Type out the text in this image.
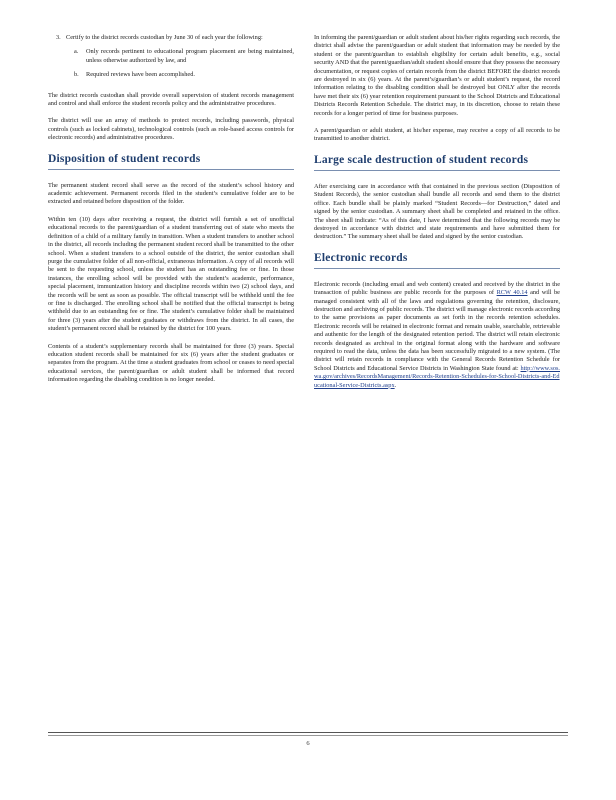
3. Certify to the district records custodian by June 30 of each year the following:

a.	Only records pertinent to educational program placement are being maintained, unless otherwise authorized by law, and

b.	Required reviews have been accomplished.

The district records custodian shall provide overall supervision of student records management and control and shall enforce the student records policy and the administrative procedures.

The district will use an array of methods to protect records, including passwords, physical controls (such as locked cabinets), technological controls (such as role-based access controls for electronic records) and administrative procedures.

Disposition of student records

The permanent student record shall serve as the record of the student’s school history and academic achievement. Permanent records filed in the student’s cumulative folder are to be extracted and retained before disposition of the folder.

Within ten (10) days after receiving a request, the district will furnish a set of unofficial educational records to the parent/guardian of a student transferring out of state who meets the definition of a child of a military family in transition. When a student transfers to another school in the district, all records including the permanent student record shall be transmitted to the other school. When a student transfers to a school outside of the district, the senior custodian shall purge the cumulative folder of all non-official, extraneous information. A copy of all records will be sent to the requesting school, unless the student has an outstanding fee or fine. In those instances, the enrolling school will be provided with the student’s academic, performance, special placement, immunization history and discipline records within two (2) school days, and the records will be sent as soon as possible. The official transcript will be withheld until the fee or fine is discharged. The enrolling school shall be notified that the official transcript is being withheld due to an outstanding fee or fine. The student’s cumulative folder shall be maintained for three (3) years after the student graduates or withdraws from the district. In all cases, the student’s permanent record shall be retained by the district for 100 years.

Contents of a student’s supplementary records shall be maintained for three (3) years. Special education student records shall be maintained for six (6) years after the student graduates or separates from the program. At the time a student graduates from school or ceases to need special educational services, the parent/guardian or adult student shall be informed that record information regarding the disabling condition is no longer needed.

In informing the parent/guardian or adult student about his/her rights regarding such records, the district shall advise the parent/guardian or adult student that information may be needed by the student or the parent/guardian to establish eligibility for certain adult benefits, e.g., social security AND that the parent/guardian/adult student should ensure that they possess the necessary documentation, or request copies of certain records from the district BEFORE the district records are destroyed in six (6) years. At the parent’s/guardian’s or adult student’s request, the record information relating to the disabling condition shall be destroyed but ONLY after the records have met their six (6) year retention requirement pursuant to the School Districts and Educational Districts Records Retention Schedule. The district may, in its discretion, choose to retain these records for a longer period of time for business purposes.

A parent/guardian or adult student, at his/her expense, may receive a copy of all records to be transmitted to another district.

Large scale destruction of student records

After exercising care in accordance with that contained in the previous section (Disposition of Student Records), the senior custodian shall bundle all records and send them to the district office. Each bundle shall be plainly marked “Student Records—for Destruction,” dated and signed by the senior custodian. A summary sheet shall be completed and retained in the office. The sheet shall indicate: “As of this date, I have determined that the following records may be destroyed in accordance with district and state requirements and have submitted them for destruction.” The summary sheet shall be dated and signed by the senior custodian.

Electronic records

Electronic records (including email and web content) created and received by the district in the transaction of public business are public records for the purposes of RCW 40.14 and will be managed consistent with all of the laws and regulations governing the retention, disclosure, destruction and archiving of public records. The district will manage electronic records according to the same provisions as paper documents as set forth in the records retention schedules. Electronic records will be retained in electronic format and remain usable, searchable, retrievable and authentic for the length of the designated retention period. The district will retain electronic records designated as archival in the original format along with the hardware and software required to read the data, unless the data has been successfully migrated to a new system. (The district will retain records in compliance with the General Records Retention Schedule for School Districts and Educational Service Districts in Washington State found at: http://www.sos.wa.gov/archives/RecordsManagement/Records-Retention-Schedules-for-School-Districts-and-Educational-Service-Districts.aspx.

6
